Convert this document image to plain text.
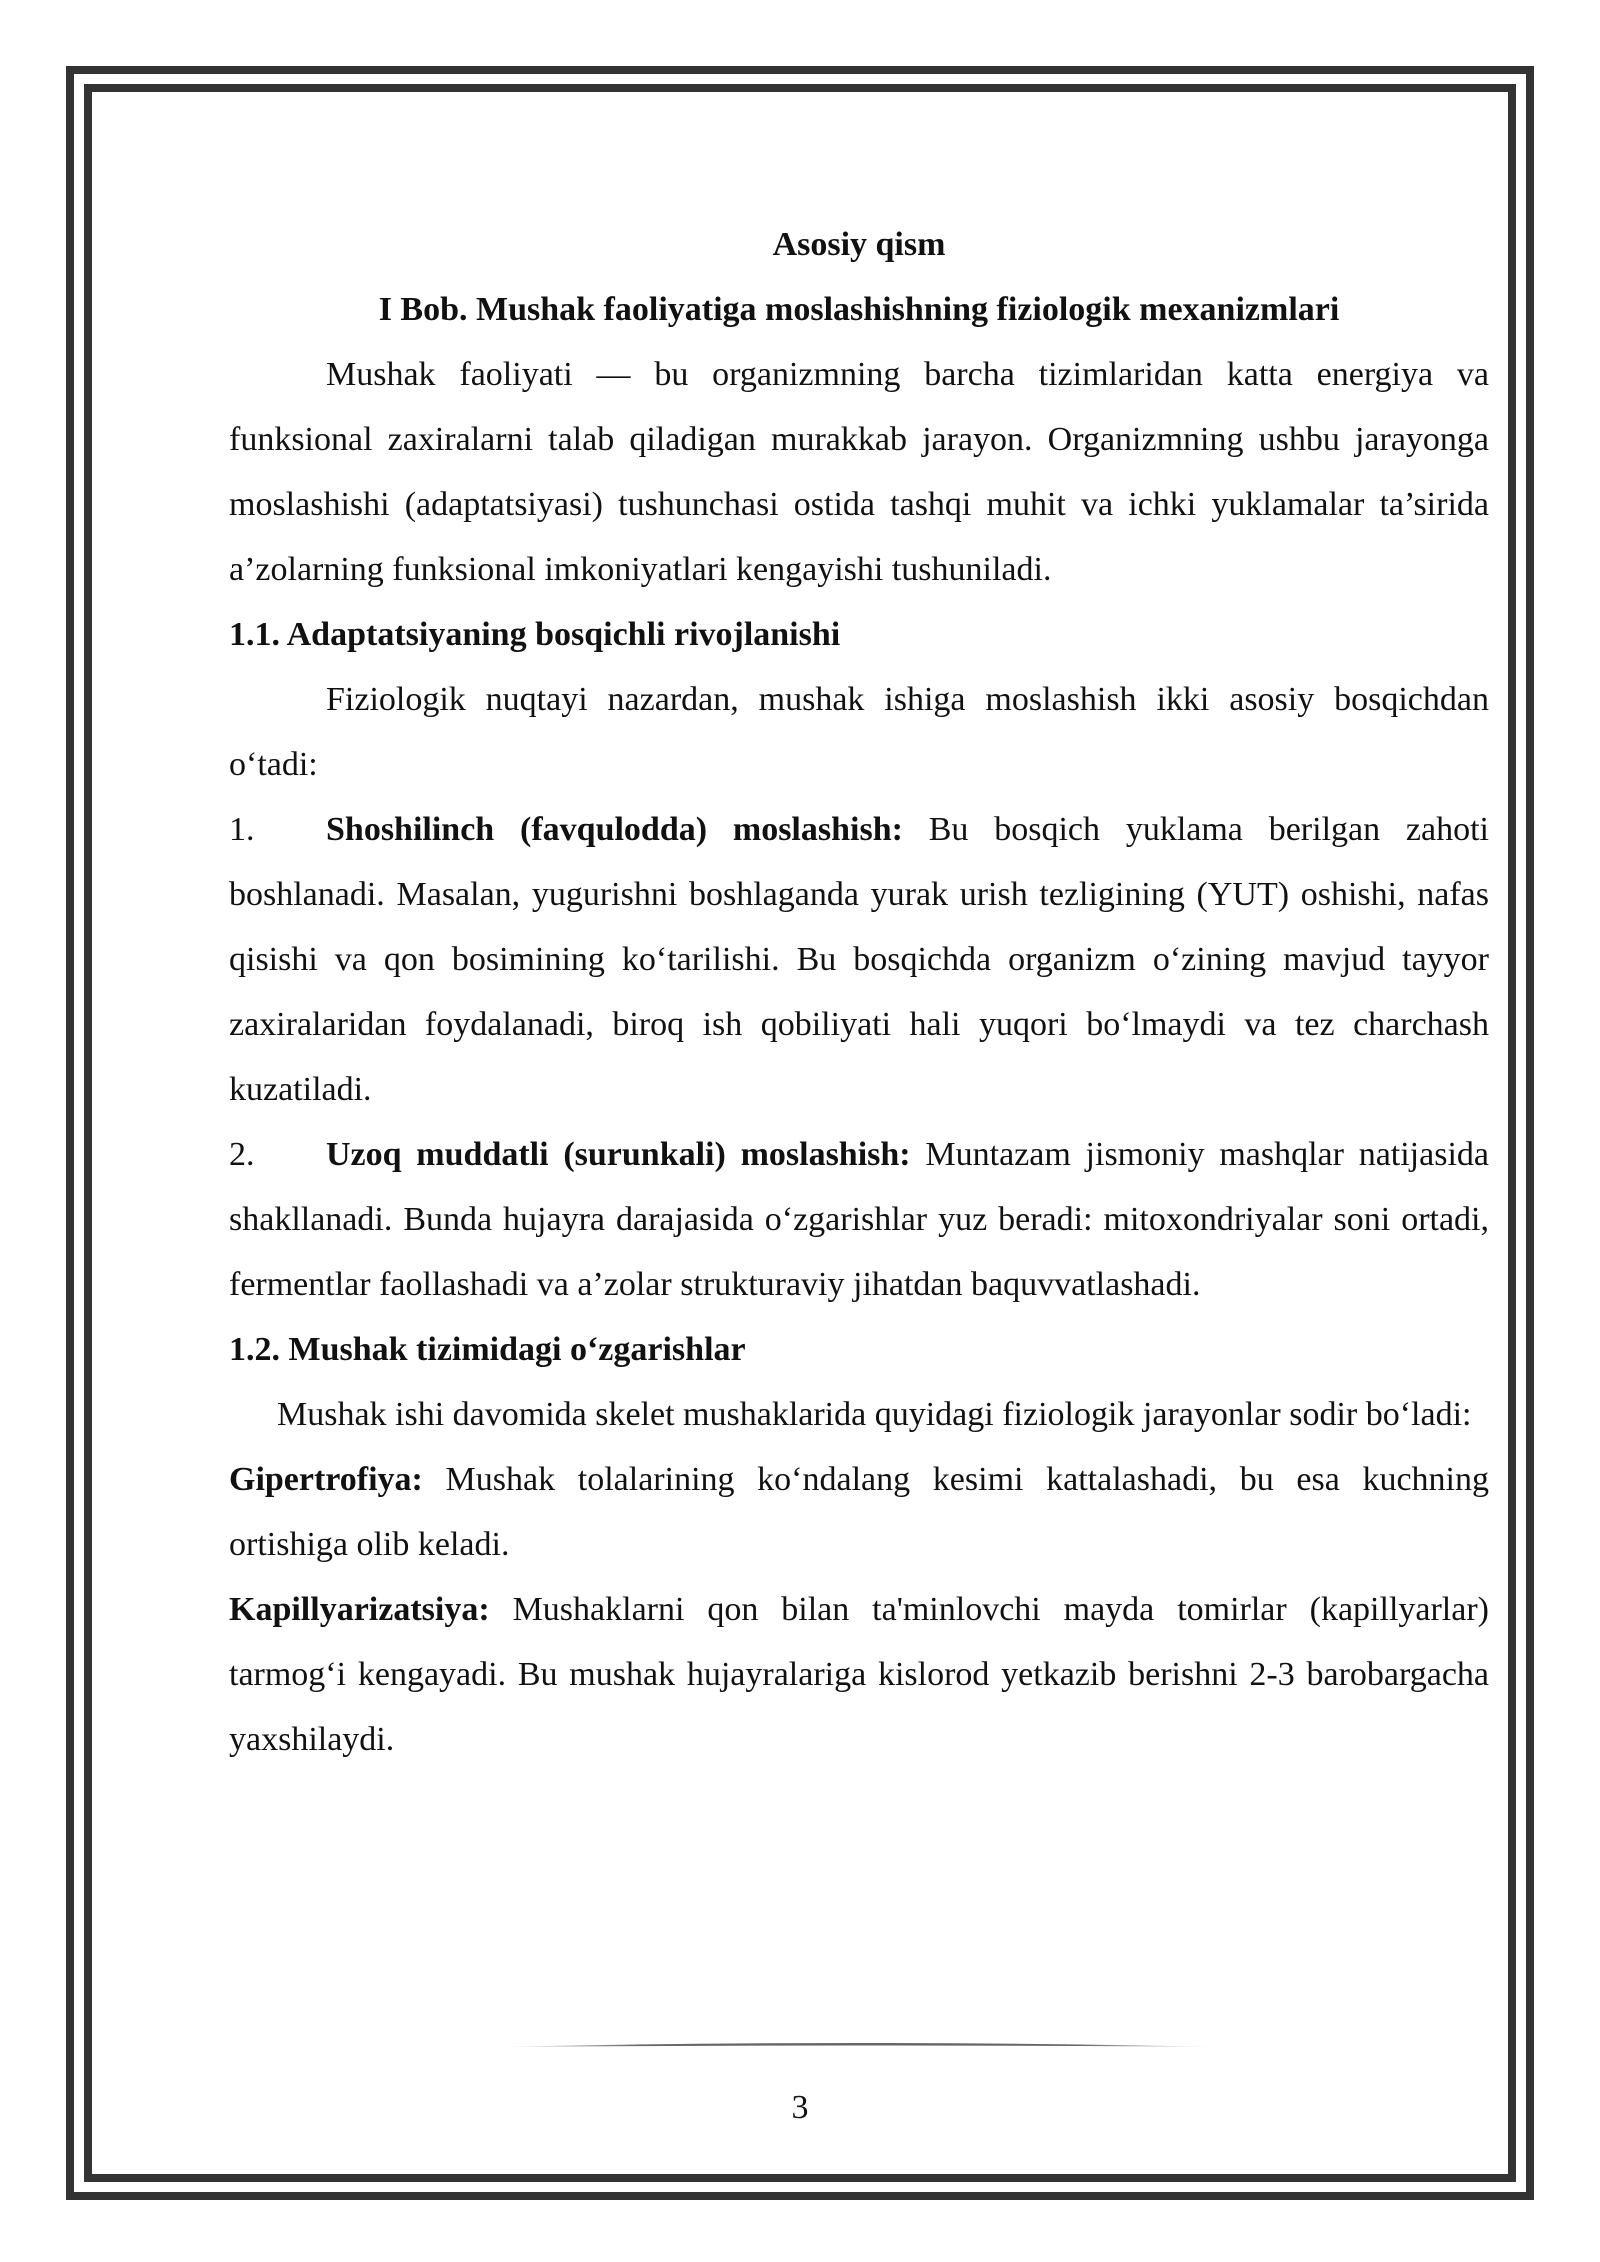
Asosiy qism

I Bob. Mushak faoliyatiga moslashishning fiziologik mexanizmlari

Mushak faoliyati — bu organizmning barcha tizimlaridan katta energiya va funksional zaxiralarni talab qiladigan murakkab jarayon. Organizmning ushbu jarayonga moslashishi (adaptatsiyasi) tushunchasi ostida tashqi muhit va ichki yuklamalar ta’sirida a’zolarning funksional imkoniyatlari kengayishi tushuniladi.

1.1. Adaptatsiyaning bosqichli rivojlanishi

Fiziologik nuqtayi nazardan, mushak ishiga moslashish ikki asosiy bosqichdan o‘tadi:

1. Shoshilinch (favqulodda) moslashish: Bu bosqich yuklama berilgan zahoti boshlanadi. Masalan, yugurishni boshlaganda yurak urish tezligining (YUT) oshishi, nafas qisishi va qon bosimining ko‘tarilishi. Bu bosqichda organizm o‘zining mavjud tayyor zaxiralaridan foydalanadi, biroq ish qobiliyati hali yuqori bo‘lmaydi va tez charchash kuzatiladi.

2. Uzoq muddatli (surunkali) moslashish: Muntazam jismoniy mashqlar natijasida shakllanadi. Bunda hujayra darajasida o‘zgarishlar yuz beradi: mitoxondriyalar soni ortadi, fermentlar faollashadi va a’zolar strukturaviy jihatdan baquvvatlashadi.

1.2. Mushak tizimidagi o‘zgarishlar

Mushak ishi davomida skelet mushaklarida quyidagi fiziologik jarayonlar sodir bo‘ladi:

Gipertrofiya: Mushak tolalarining ko‘ndalang kesimi kattalashadi, bu esa kuchning ortishiga olib keladi.

Kapillyarizatsiya: Mushaklarni qon bilan ta'minlovchi mayda tomirlar (kapillyarlar) tarmog‘i kengayadi. Bu mushak hujayralariga kislorod yetkazib berishni 2-3 barobargacha yaxshilaydi.

3
